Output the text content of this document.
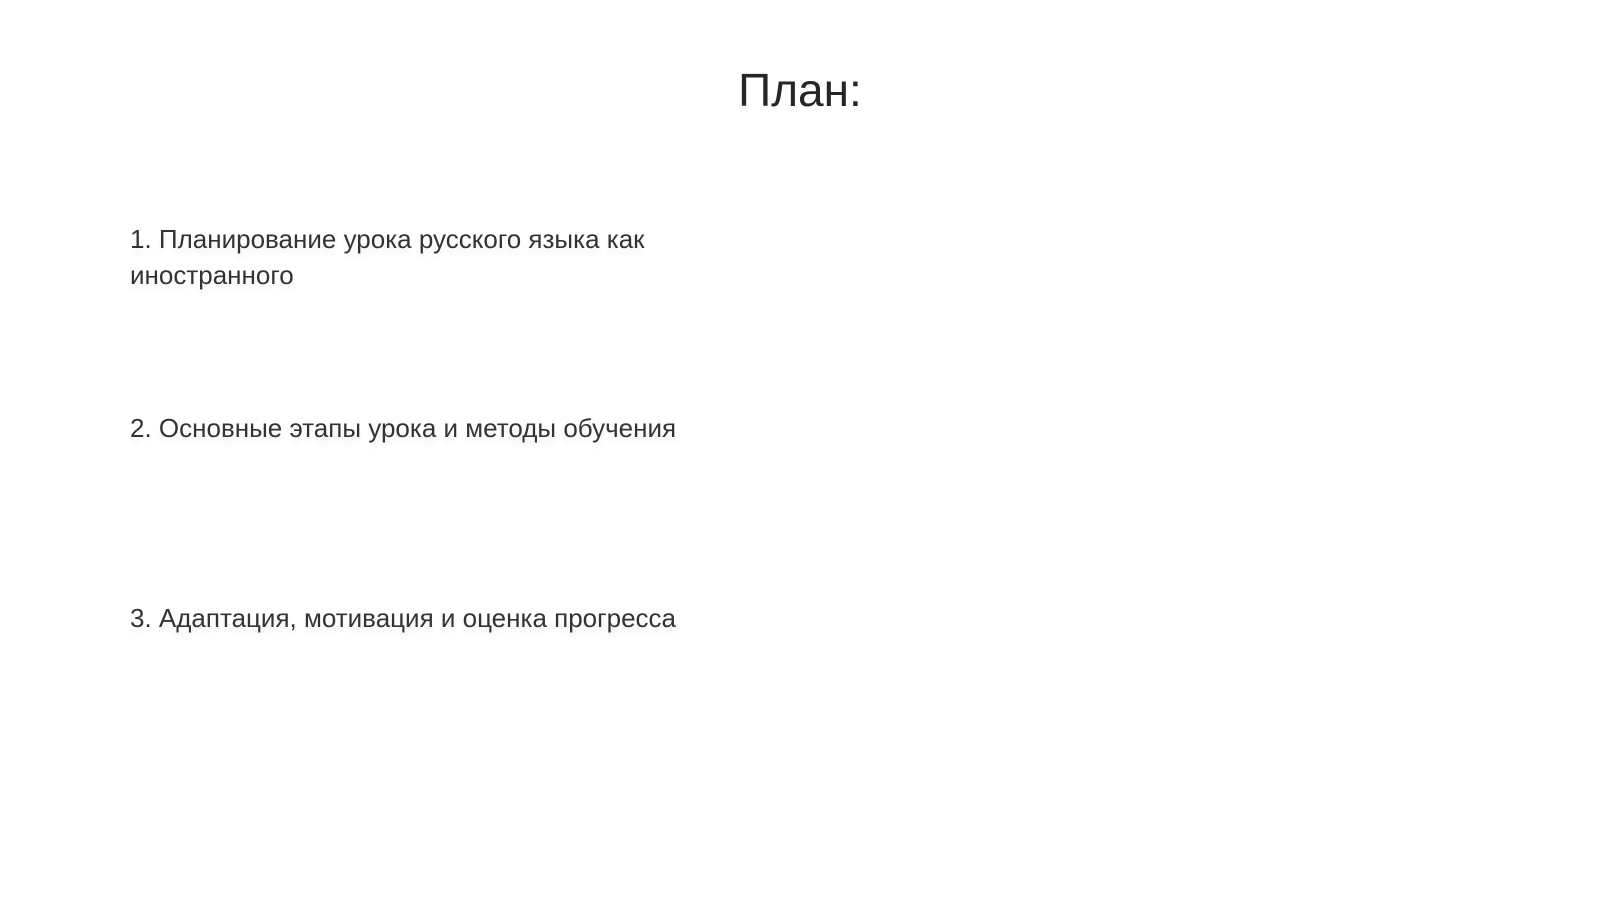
План:
1. Планирование урока русского языка как иностранного
2. Основные этапы урока и методы обучения
3. Адаптация, мотивация и оценка прогресса
